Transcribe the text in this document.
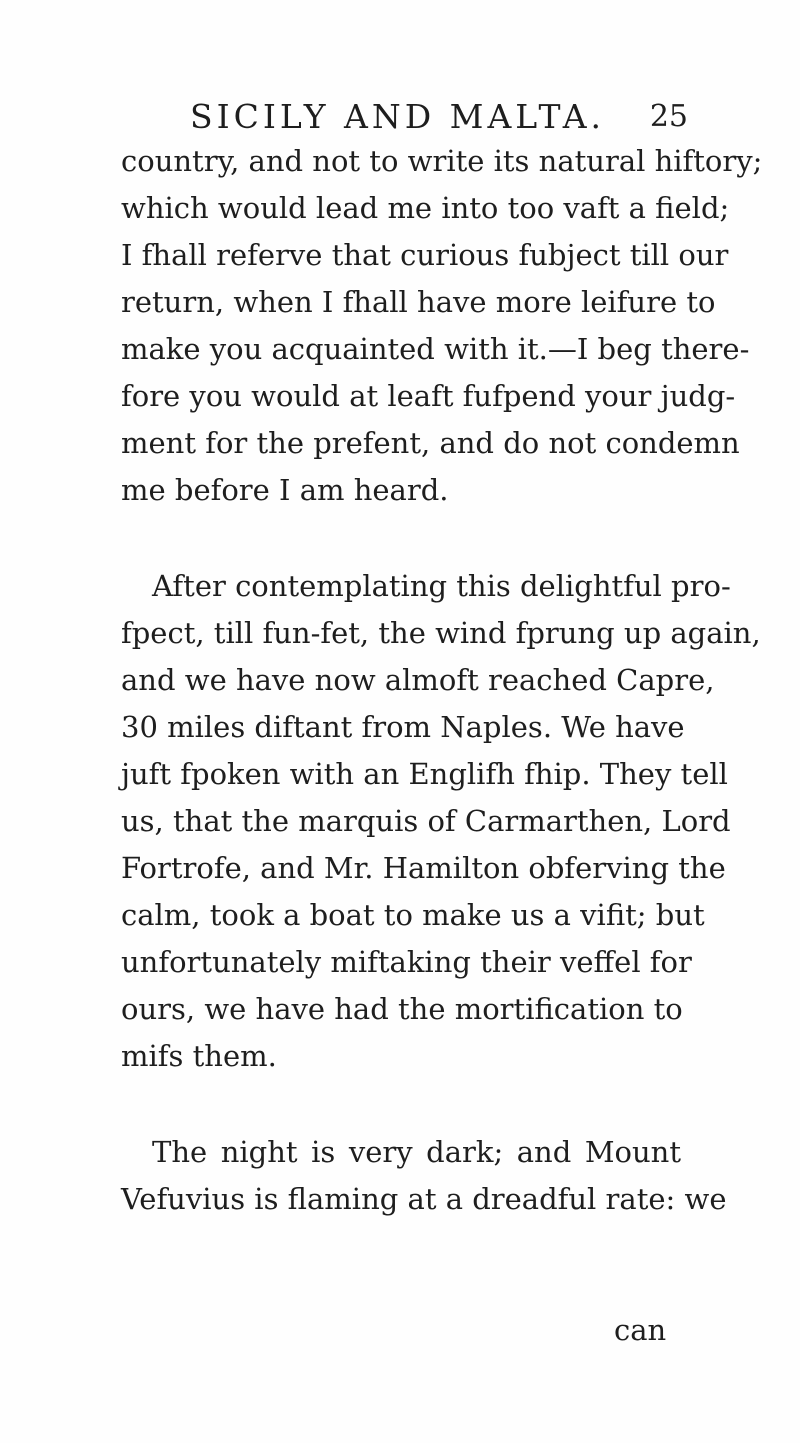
SICILY AND MALTA. 25
country, and not to write its natural hiftory;
which would lead me into too vaft a field;
I fhall referve that curious fubject till our
return, when I fhall have more leifure to
make you acquainted with it.—I beg there-
fore you would at leaft fufpend your judg-
ment for the prefent, and do not condemn
me before I am heard.
After contemplating this delightful pro-
fpect, till fun-fet, the wind fprung up again,
and we have now almoft reached Capre,
30 miles diftant from Naples. We have
juft fpoken with an Englifh fhip. They tell
us, that the marquis of Carmarthen, Lord
Fortrofe, and Mr. Hamilton obferving the
calm, took a boat to make us a vifit; but
unfortunately miftaking their veffel for
ours, we have had the mortification to
mifs them.
The night is very dark; and Mount
Vefuvius is flaming at a dreadful rate: we
can
